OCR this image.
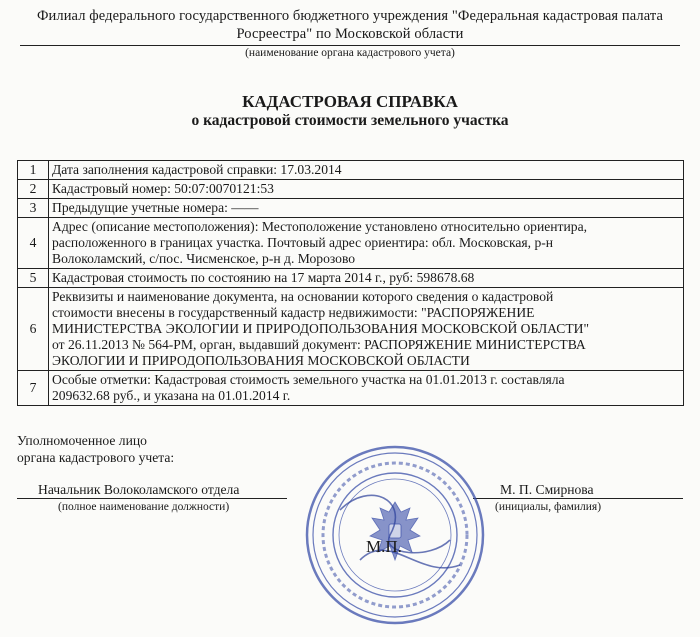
Филиал федерального государственного бюджетного учреждения "Федеральная кадастровая палата
Росреестра" по Московской области
(наименование органа кадастрового учета)
КАДАСТРОВАЯ СПРАВКА
о кадастровой стоимости земельного участка
1	Дата заполнения кадастровой справки: 17.03.2014

2	Кадастровый номер: 50:07:0070121:53

3	Предыдущие учетные номера: ——

4	Адрес (описание местоположения): Местоположение установлено относительно ориентира,
расположенного в границах участка. Почтовый адрес ориентира: обл. Московская, р-н
Волоколамский, с/пос. Чисменское, р-н д. Морозово

5	Кадастровая стоимость по состоянию на 17 марта 2014 г., руб: 598678.68

6	Реквизиты и наименование документа, на основании которого сведения о кадастровой
стоимости внесены в государственный кадастр недвижимости: "РАСПОРЯЖЕНИЕ
МИНИСТЕРСТВА ЭКОЛОГИИ И ПРИРОДОПОЛЬЗОВАНИЯ МОСКОВСКОЙ ОБЛАСТИ"
от 26.11.2013 № 564-РМ, орган, выдавший документ: РАСПОРЯЖЕНИЕ МИНИСТЕРСТВА
ЭКОЛОГИИ И ПРИРОДОПОЛЬЗОВАНИЯ МОСКОВСКОЙ ОБЛАСТИ

7	Особые отметки: Кадастровая стоимость земельного участка на 01.01.2013 г. составляла
209632.68 руб., и указана на 01.01.2014 г.
Уполномоченное лицо
органа кадастрового учета:
Начальник Волоколамского отдела
(полное наименование должности)
М. П. Смирнова
(инициалы, фамилия)
М.П.
